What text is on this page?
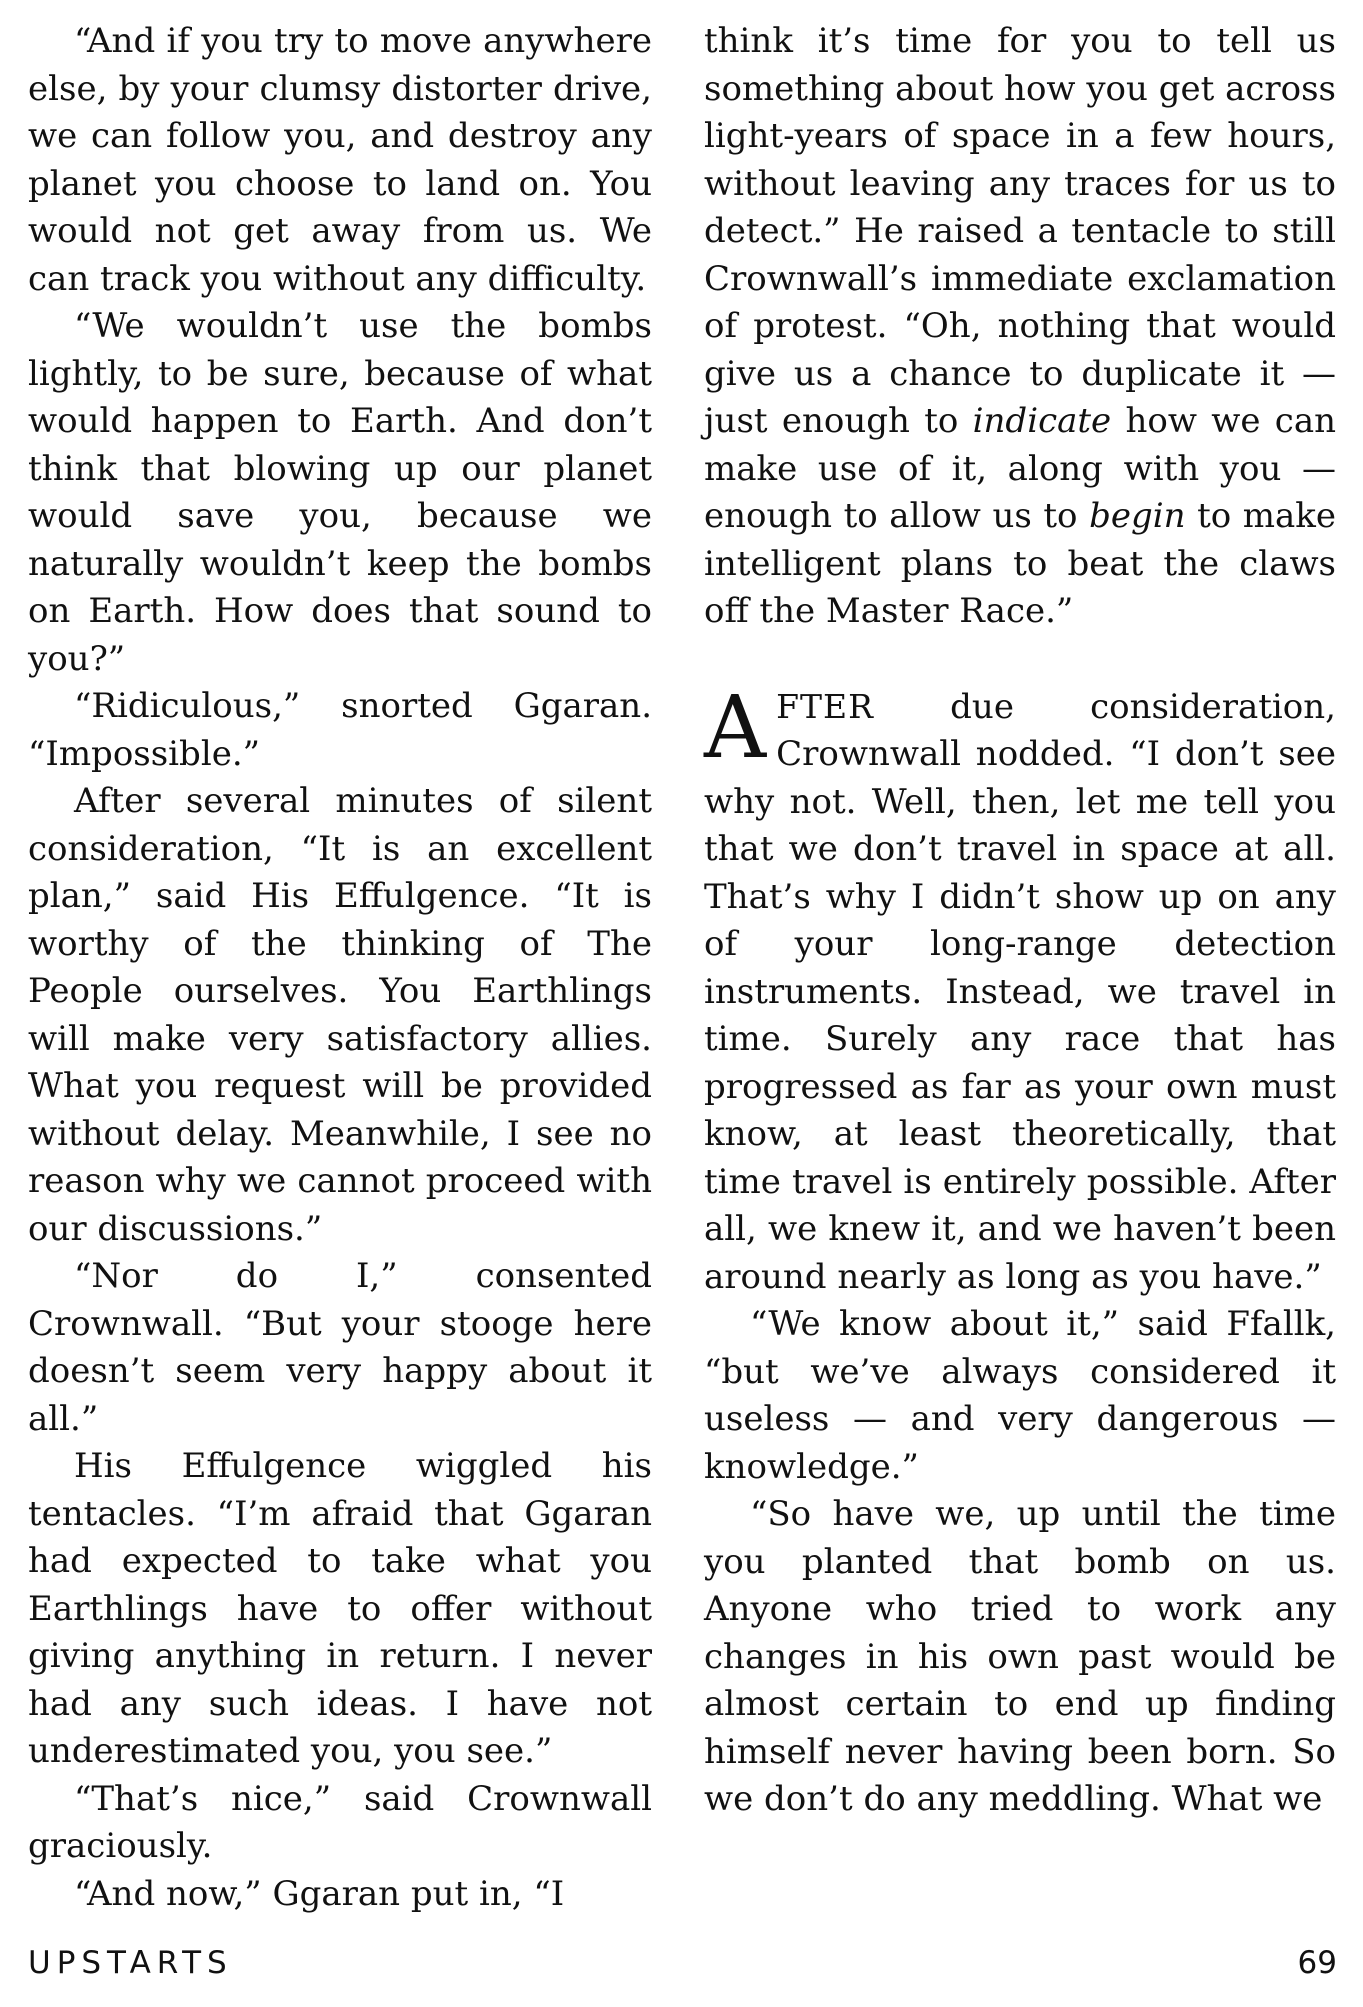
“And if you try to move anywhere else, by your clumsy distorter drive, we can follow you, and destroy any planet you choose to land on. You would not get away from us. We can track you without any difficulty.

“We wouldn’t use the bombs lightly, to be sure, because of what would happen to Earth. And don’t think that blowing up our planet would save you, because we naturally wouldn’t keep the bombs on Earth. How does that sound to you?”

“Ridiculous,” snorted Ggaran. “Impossible.”

After several minutes of silent consideration, “It is an excellent plan,” said His Effulgence. “It is worthy of the thinking of The People ourselves. You Earthlings will make very satisfactory allies. What you request will be provided without delay. Meanwhile, I see no reason why we cannot proceed with our discussions.”

“Nor do I,” consented Crownwall. “But your stooge here doesn’t seem very happy about it all.”

His Effulgence wiggled his tentacles. “I’m afraid that Ggaran had expected to take what you Earthlings have to offer without giving anything in return. I never had any such ideas. I have not underestimated you, you see.”

“That’s nice,” said Crownwall graciously.

“And now,” Ggaran put in, “I

think it’s time for you to tell us something about how you get across light-years of space in a few hours, without leaving any traces for us to detect.” He raised a tentacle to still Crownwall’s immediate exclamation of protest. “Oh, nothing that would give us a chance to duplicate it — just enough to indicate how we can make use of it, along with you — enough to allow us to begin to make intelligent plans to beat the claws off the Master Race.”

AFTER due consideration, Crownwall nodded. “I don’t see why not. Well, then, let me tell you that we don’t travel in space at all. That’s why I didn’t show up on any of your long-range detection instruments. Instead, we travel in time. Surely any race that has progressed as far as your own must know, at least theoretically, that time travel is entirely possible. After all, we knew it, and we haven’t been around nearly as long as you have.”

“We know about it,” said Ffallk, “but we’ve always considered it useless — and very dangerous — knowledge.”

“So have we, up until the time you planted that bomb on us. Anyone who tried to work any changes in his own past would be almost certain to end up finding himself never having been born. So we don’t do any meddling. What we

UPSTARTS	69
